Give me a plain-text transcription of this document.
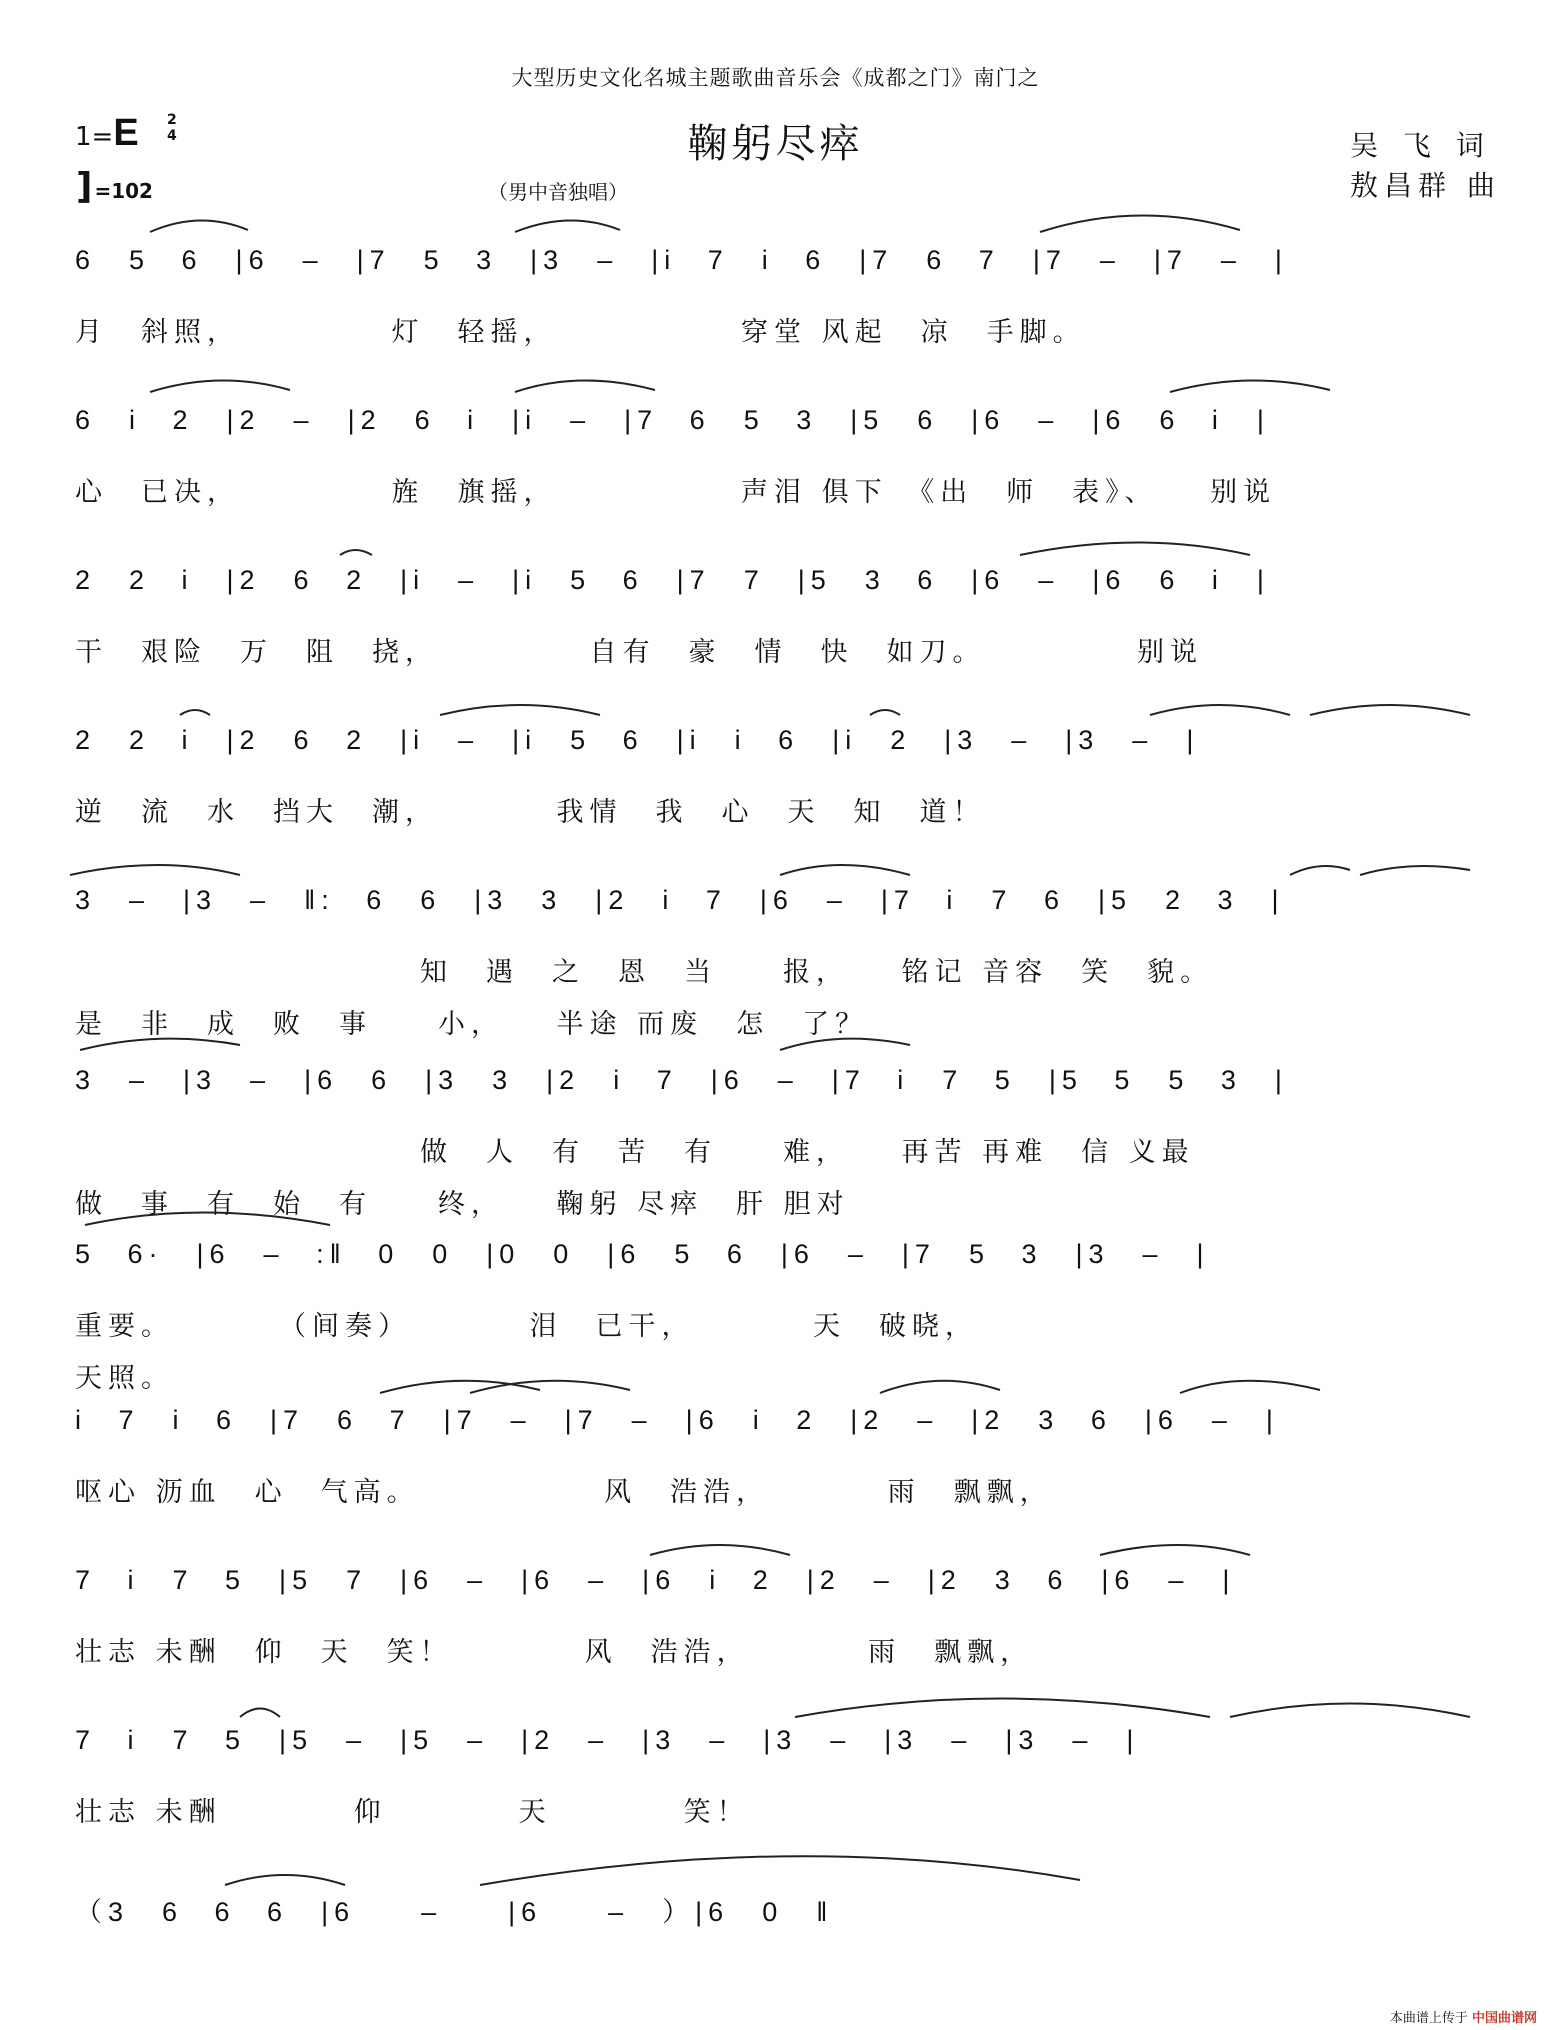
大型历史文化名城主题歌曲音乐会《成都之门》南门之
鞠躬尽瘁
1=E 2
4
] =102	（男中音独唱）
吴 飞 词
敖昌群 曲
6　5 6　|6　–　|7　5 3　|3　–　|i 7　i 6　|7　6 7　|7　–　|7　–　|
月　斜照，　　　　　灯　轻摇，　　　　　　穿堂 风起　凉　手脚。
6　i 2　|2　–　|2　6 i　|i　–　|7 6　5 3　|5　6　|6　–　|6　6 i　|
心　已决，　　　　　旌　旗摇，　　　　　　声泪 俱下　《出　师　表》、　　别说
2　2 i　|2　6 2　|i　–　|i　5 6　|7　7　|5　3 6　|6　–　|6　6 i　|
干　艰险　万　阻　挠，　　　　　自有　豪　情　快　如刀。　　　　　别说
2　2 i　|2　6 2　|i　–　|i　5 6　|i　i 6　|i　2　|3　–　|3　–　|
逆　流　水　挡大　潮，　　　　我情　我　心　天　知　道！
3　–　|3　–　‖: 6　6　|3　3　|2　i 7　|6　–　|7 i　7 6　|5　2 3　|
知　遇　之　恩　当　　报，　　铭记 音容　笑　貌。
是　非　成　败　事　　小，　　半途 而废　怎　了？
3　–　|3　–　|6　6　|3　3　|2　i 7　|6　–　|7 i　7 5　|5 5　5 3　|
做　人　有　苦　有　　难，　　再苦 再难　信 义最
做　事　有　始　有　　终，　　鞠躬 尽瘁　肝 胆对
5 6·　|6　– :‖ 0　0　|0　0　|6　5 6　|6　–　|7　5 3　|3　–　|
重要。　　　　（间奏）　　　　泪　已干，　　　　天　破晓，
天照。
i 7　i 6　|7　6 7　|7　–　|7　–　|6　i 2　|2　–　|2　3 6　|6　–　|
呕心 沥血　心　气高。　　　　　　风　浩浩，　　　　雨　飘飘，
7 i　7 5　|5　7　|6　–　|6　–　|6　i 2　|2　–　|2　3 6　|6　–　|
壮志 未酬　仰　天　笑！　　　　风　浩浩，　　　　雨　飘飘，
7 i　7 5　|5　–　|5　–　|2　–　|3　–　|3　–　|3　–　|3　–　|
壮志 未酬　　　　仰　　　　天　　　　笑！
（3　6 6 6　|6　　–　　|6　　–　）|6　0　‖
本曲谱上传于 中国曲谱网
